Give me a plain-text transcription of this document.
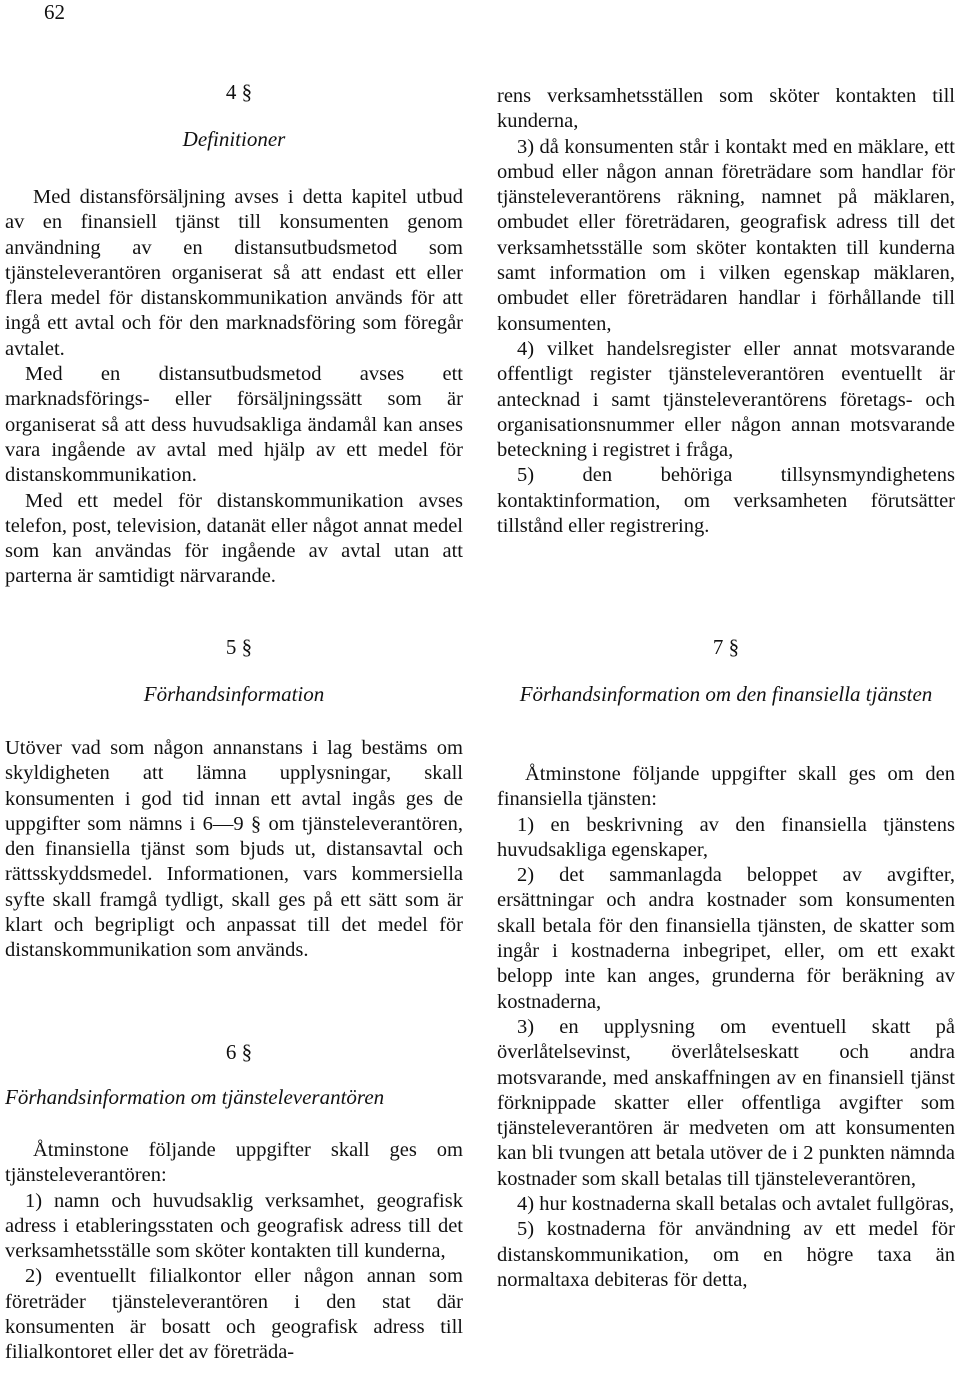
62
4 §
Definitioner

Med distansförsäljning avses i detta kapitel utbud av en finansiell tjänst till konsumenten genom användning av en distansutbudsmetod som tjänsteleverantören organiserat så att endast ett eller flera medel för distanskommunikation används för att ingå ett avtal och för den marknadsföring som föregår avtalet.

Med en distansutbudsmetod avses ett marknadsförings- eller försäljningssätt som är organiserat så att dess huvudsakliga ändamål kan anses vara ingående av avtal med hjälp av ett medel för distanskommunikation.

Med ett medel för distanskommunikation avses telefon, post, television, datanät eller något annat medel som kan användas för ingående av avtal utan att parterna är samtidigt närvarande.

5 §
Förhandsinformation

Utöver vad som någon annanstans i lag bestäms om skyldigheten att lämna upplysningar, skall konsumenten i god tid innan ett avtal ingås ges de uppgifter som nämns i 6—9 § om tjänsteleverantören, den finansiella tjänst som bjuds ut, distansavtal och rättsskyddsmedel. Informationen, vars kommersiella syfte skall framgå tydligt, skall ges på ett sätt som är klart och begripligt och anpassat till det medel för distanskommunikation som används.

6 §
Förhandsinformation om tjänsteleverantören

Åtminstone följande uppgifter skall ges om tjänsteleverantören:

1) namn och huvudsaklig verksamhet, geografisk adress i etableringsstaten och geografisk adress till det verksamhetsställe som sköter kontakten till kunderna,

2) eventuellt filialkontor eller någon annan som företräder tjänsteleverantören i den stat där konsumenten är bosatt och geografisk adress till filialkontoret eller det av företräda-

rens verksamhetsställen som sköter kontakten till kunderna,

3) då konsumenten står i kontakt med en mäklare, ett ombud eller någon annan företrädare som handlar för tjänsteleverantörens räkning, namnet på mäklaren, ombudet eller företrädaren, geografisk adress till det verksamhetsställe som sköter kontakten till kunderna samt information om i vilken egenskap mäklaren, ombudet eller företrädaren handlar i förhållande till konsumenten,

4) vilket handelsregister eller annat motsvarande offentligt register tjänsteleverantören eventuellt är antecknad i samt tjänsteleverantörens företags- och organisationsnummer eller någon annan motsvarande beteckning i registret i fråga,

5) den behöriga tillsynsmyndighetens kontaktinformation, om verksamheten förutsätter tillstånd eller registrering.

7 §
Förhandsinformation om den finansiella tjänsten

Åtminstone följande uppgifter skall ges om den finansiella tjänsten:

1) en beskrivning av den finansiella tjänstens huvudsakliga egenskaper,

2) det sammanlagda beloppet av avgifter, ersättningar och andra kostnader som konsumenten skall betala för den finansiella tjänsten, de skatter som ingår i kostnaderna inbegripet, eller, om ett exakt belopp inte kan anges, grunderna för beräkning av kostnaderna,

3) en upplysning om eventuell skatt på överlåtelsevinst, överlåtelseskatt och andra motsvarande, med anskaffningen av en finansiell tjänst förknippade skatter eller offentliga avgifter som tjänsteleverantören är medveten om att konsumenten kan bli tvungen att betala utöver de i 2 punkten nämnda kostnader som skall betalas till tjänsteleverantören,

4) hur kostnaderna skall betalas och avtalet fullgöras,

5) kostnaderna för användning av ett medel för distanskommunikation, om en högre taxa än normaltaxa debiteras för detta,
